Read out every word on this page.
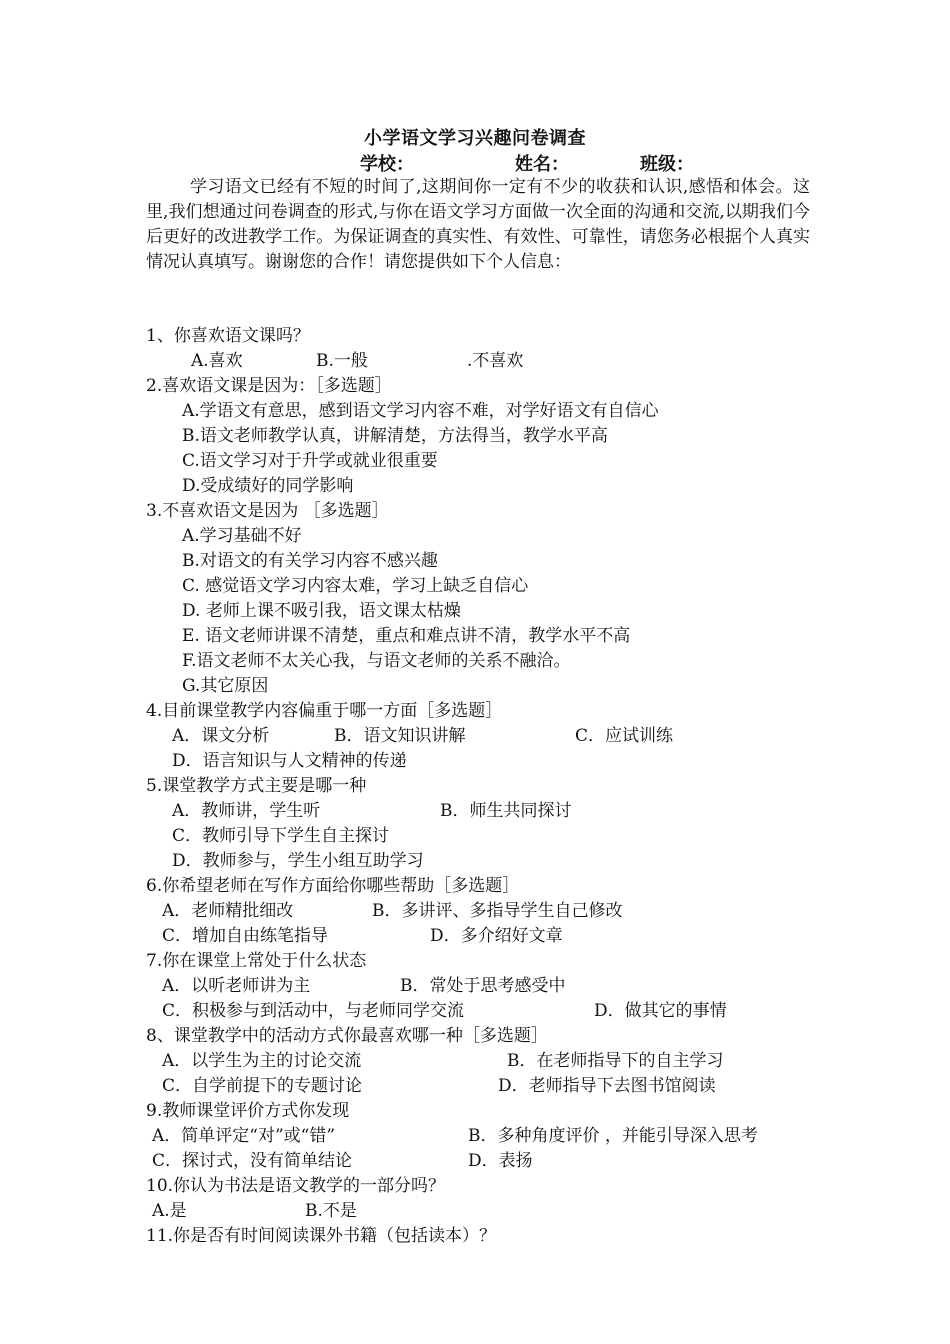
小学语文学习兴趣问卷调查
学校：	姓名：	班级：
学习语文已经有不短的时间了,这期间你一定有不少的收获和认识,感悟和体会。这里,我们想通过问卷调查的形式,与你在语文学习方面做一次全面的沟通和交流,以期我们今后更好的改进教学工作。为保证调查的真实性、有效性、可靠性，请您务必根据个人真实情况认真填写。谢谢您的合作！请您提供如下个人信息：
1、你喜欢语文课吗？
A.喜欢	B.一般	.不喜欢
2.喜欢语文课是因为：［多选题］
A.学语文有意思，感到语文学习内容不难，对学好语文有自信心
B.语文老师教学认真，讲解清楚，方法得当，教学水平高
C.语文学习对于升学或就业很重要
D.受成绩好的同学影响
3.不喜欢语文是因为 ［多选题］
A.学习基础不好
B.对语文的有关学习内容不感兴趣
C. 感觉语文学习内容太难，学习上缺乏自信心
D. 老师上课不吸引我，语文课太枯燥
E. 语文老师讲课不清楚，重点和难点讲不清，教学水平不高
F.语文老师不太关心我，与语文老师的关系不融洽。
G.其它原因
4.目前课堂教学内容偏重于哪一方面［多选题］
A．课文分析	B．语文知识讲解	C．应试训练
D．语言知识与人文精神的传递
5.课堂教学方式主要是哪一种
A．教师讲，学生听	B．师生共同探讨
C．教师引导下学生自主探讨
D．教师参与，学生小组互助学习
6.你希望老师在写作方面给你哪些帮助［多选题］
A．老师精批细改	B．多讲评、多指导学生自己修改
C．增加自由练笔指导	D．多介绍好文章
7.你在课堂上常处于什么状态
A．以听老师讲为主	B．常处于思考感受中
C．积极参与到活动中，与老师同学交流	D．做其它的事情
8、课堂教学中的活动方式你最喜欢哪一种［多选题］
A．以学生为主的讨论交流	B．在老师指导下的自主学习
C．自学前提下的专题讨论	D．老师指导下去图书馆阅读
9.教师课堂评价方式你发现
A．简单评定“对”或“错”	B．多种角度评价 ，并能引导深入思考
C．探讨式，没有简单结论	D．表扬
10.你认为书法是语文教学的一部分吗？
A.是	B.不是
11.你是否有时间阅读课外书籍（包括读本）？
